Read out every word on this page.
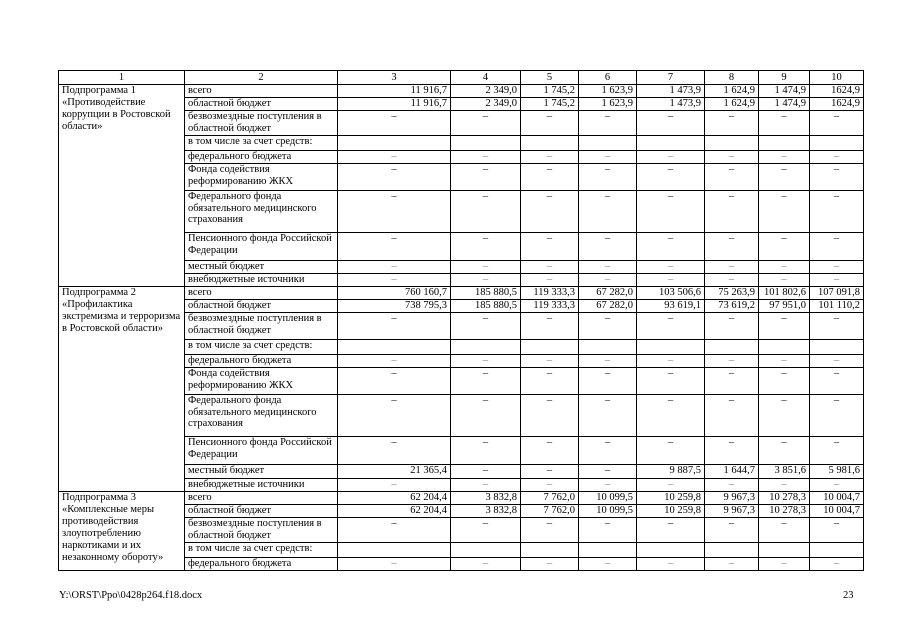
1	2	3	4	5	6	7	8	9	10
Подпрограмма 1 «Противодействие коррупции в Ростовской области»	всего	11 916,7	2 349,0	1 745,2	1 623,9	1 473,9	1 624,9	1 474,9	1624,9
	областной бюджет	11 916,7	2 349,0	1 745,2	1 623,9	1 473,9	1 624,9	1 474,9	1624,9
	безвозмездные поступления в областной бюджет	–	–	–	–	–	–	–	–
	в том числе за счет средств:								
	федерального бюджета	–	–	–	–	–	–	–	–
	Фонда содействия реформированию ЖКХ	–	–	–	–	–	–	–	–
	Федерального фонда обязательного медицинского страхования	–	–	–	–	–	–	–	–
	Пенсионного фонда Российской Федерации	–	–	–	–	–	–	–	–
	местный бюджет	–	–	–	–	–	–	–	–
	внебюджетные источники	–	–	–	–	–	–	–	–
Подпрограмма 2 «Профилактика экстремизма и терроризма в Ростовской области»	всего	760 160,7	185 880,5	119 333,3	67 282,0	103 506,6	75 263,9	101 802,6	107 091,8
	областной бюджет	738 795,3	185 880,5	119 333,3	67 282,0	93 619,1	73 619,2	97 951,0	101 110,2
	безвозмездные поступления в областной бюджет	–	–	–	–	–	–	–	–
	в том числе за счет средств:								
	федерального бюджета	–	–	–	–	–	–	–	–
	Фонда содействия реформированию ЖКХ	–	–	–	–	–	–	–	–
	Федерального фонда обязательного медицинского страхования	–	–	–	–	–	–	–	–
	Пенсионного фонда Российской Федерации	–	–	–	–	–	–	–	–
	местный бюджет	21 365,4	–	–	–	9 887,5	1 644,7	3 851,6	5 981,6
	внебюджетные источники	–	–	–	–	–	–	–	–
Подпрограмма 3 «Комплексные меры противодействия злоупотреблению наркотиками и их незаконному обороту»	всего	62 204,4	3 832,8	7 762,0	10 099,5	10 259,8	9 967,3	10 278,3	10 004,7
	областной бюджет	62 204,4	3 832,8	7 762,0	10 099,5	10 259,8	9 967,3	10 278,3	10 004,7
	безвозмездные поступления в областной бюджет	–	–	–	–	–	–	–	–
	в том числе за счет средств:								
	федерального бюджета	–	–	–	–	–	–	–	–
Y:\ORST\Ppo\0428p264.f18.docx	23
